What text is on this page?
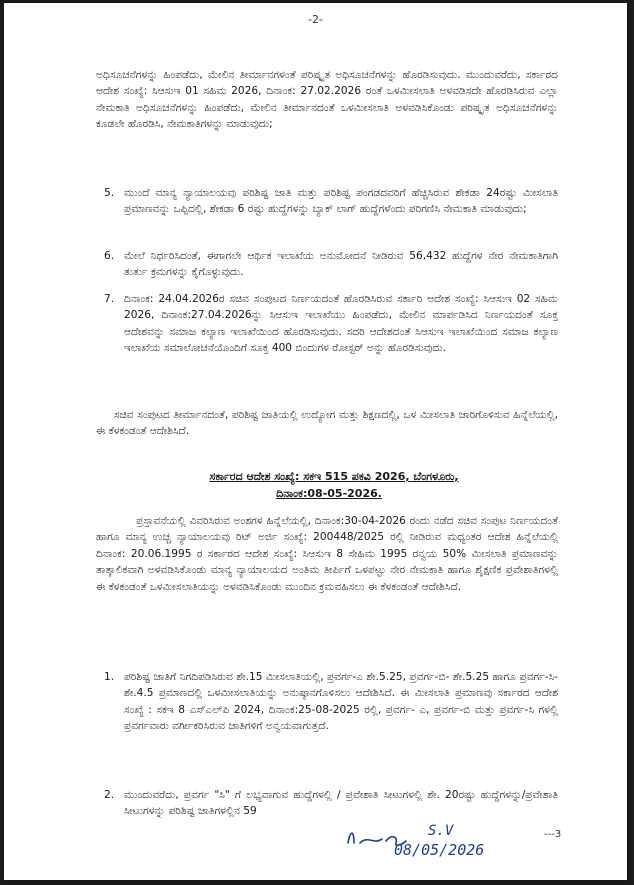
-2-
ಅಧಿಸೂಚನೆಗಳನ್ನು ಹಿಂಪಡೆದು, ಮೇಲಿನ ತೀರ್ಮಾನಗಳಂತೆ ಪರಿಷ್ಕೃತ ಅಧಿಸೂಚನೆಗಳನ್ನು ಹೊರಡಿಸುವುದು. ಮುಂದುವರೆದು, ಸರ್ಕಾರದ ಆದೇಶ ಸಂಖ್ಯೆ: ಸಿಆಸುಇ 01 ಸಹಿಮ 2026, ದಿನಾಂಕ: 27.02.2026 ರಂತೆ ಒಳಮೀಸಲಾತಿ ಅಳವಡಿಸದೇ ಹೊರಡಿಸಿರುವ ಎಲ್ಲಾ ನೇಮಕಾತಿ ಅಧಿಸೂಚನೆಗಳನ್ನು ಹಿಂಪಡೆದು, ಮೇಲಿನ ತೀರ್ಮಾನದಂತೆ ಒಳಮೀಸಲಾತಿ ಅಳವಡಿಸಿಕೊಂಡು ಪರಿಷ್ಕೃತ ಅಧಿಸೂಚನೆಗಳನ್ನು ಕೂಡಲೇ ಹೊರಡಿಸಿ, ನೇಮಕಾತಿಗಳನ್ನು ಮಾಡುವುದು;
5. ಮುಂದೆ ಮಾನ್ಯ ನ್ಯಾಯಾಲಯವು ಪರಿಶಿಷ್ಟ ಜಾತಿ ಮತ್ತು ಪರಿಶಿಷ್ಟ ಪಂಗಡದವರಿಗೆ ಹೆಚ್ಚಿಸಿರುವ ಶೇಕಡಾ 24ರಷ್ಟು ಮೀಸಲಾತಿ ಪ್ರಮಾಣವನ್ನು ಒಪ್ಪಿದಲ್ಲಿ, ಶೇಕಡಾ 6 ರಷ್ಟು ಹುದ್ದೆಗಳನ್ನು ಬ್ಯಾಕ್ ಲಾಗ್ ಹುದ್ದೆಗಳೆಂದು ಪರಿಗಣಿಸಿ ನೇಮಕಾತಿ ಮಾಡುವುದು;
6. ಮೇಲೆ ನಿರ್ಧರಿಸಿದಂತೆ, ಈಗಾಗಲೇ ಆರ್ಥಿಕ ಇಲಾಖೆಯ ಅನುಮೋದನೆ ನೀಡಿರುವ 56,432 ಹುದ್ದೆಗಳ ನೇರ ನೇಮಕಾತಿಗಾಗಿ ತುರ್ತು ಕ್ರಮಗಳನ್ನು ಕೈಗೊಳ್ಳುವುದು.
7. ದಿನಾಂಕ: 24.04.2026ರ ಸಚಿವ ಸಂಪುಟದ ನಿರ್ಣಯದಂತೆ ಹೊರಡಿಸಿರುವ ಸರ್ಕಾರಿ ಆದೇಶ ಸಂಖ್ಯೆ: ಸಿಆಸುಇ 02 ಸಹಿಮ 2026, ದಿನಾಂಕ:27.04.2026ನ್ನು ಸಿಆಸುಇ ಇಲಾಖೆಯು ಹಿಂಪಡೆದು, ಮೇಲಿನ ಮಾರ್ಪಡಿಸಿದ ನಿರ್ಣಯದಂತೆ ಸೂಕ್ತ ಆದೇಶವನ್ನು ಸಮಾಜ ಕಲ್ಯಾಣ ಇಲಾಖೆಯಿಂದ ಹೊರಡಿಸುವುದು. ಸದರಿ ಆದೇಶದಂತೆ ಸಿಆಸುಇ ಇಲಾಖೆಯಿಂದ ಸಮಾಜ ಕಲ್ಯಾಣ ಇಲಾಖೆಯ ಸಮಾಲೋಚನೆಯೊಂದಿಗೆ ಸೂಕ್ತ 400 ಬಿಂದುಗಳ ರೋಸ್ಟರ್ ಅನ್ನು ಹೊರಡಿಸುವುದು.
ಸಚಿವ ಸಂಪುಟದ ತೀರ್ಮಾನದಂತೆ, ಪರಿಶಿಷ್ಟ ಜಾತಿಯಲ್ಲಿ ಉದ್ಯೋಗ ಮತ್ತು ಶಿಕ್ಷಣದಲ್ಲಿ, ಒಳ ಮೀಸಲಾತಿ ಜಾರಿಗೊಳಿಸುವ ಹಿನ್ನೆಲೆಯಲ್ಲಿ, ಈ ಕೆಳಕಂಡಂತೆ ಆದೇಶಿಸಿದೆ.
ಸರ್ಕಾರದ ಆದೇಶ ಸಂಖ್ಯೆ: ಸಕಇ 515 ಪಕವಿ 2026, ಬೆಂಗಳೂರು,
ದಿನಾಂಕ:08-05-2026.
ಪ್ರಸ್ತಾವನೆಯಲ್ಲಿ ವಿವರಿಸಿರುವ ಅಂಶಗಳ ಹಿನ್ನೆಲೆಯಲ್ಲಿ, ದಿನಾಂಕ:30-04-2026 ರಂದು ನಡೆದ ಸಚಿವ ಸಂಪುಟ ನಿರ್ಣಯದಂತೆ ಹಾಗೂ ಮಾನ್ಯ ಉಚ್ಚ ನ್ಯಾಯಾಲಯವು ರಿಟ್ ಅರ್ಜಿ ಸಂಖ್ಯೆ: 200448/2025 ರಲ್ಲಿ ನೀಡಿರುವ ಮಧ್ಯಂತರ ಆದೇಶ ಹಿನ್ನೆಲೆಯಲ್ಲಿ ದಿನಾಂಕ: 20.06.1995 ರ ಸರ್ಕಾರದ ಆದೇಶ ಸಂಖ್ಯೆ: ಸಿಆಸುಇ 8 ಸೇಹಿಮ 1995 ರನ್ವಯ 50% ಮೀಸಲಾತಿ ಪ್ರಮಾಣವನ್ನು ತಾತ್ಕಾಲಿಕವಾಗಿ ಅಳವಡಿಸಿಕೊಂಡು ಮಾನ್ಯ ನ್ಯಾಯಾಲಯದ ಅಂತಿಮ ತೀರ್ಪಿಗೆ ಒಳಪಟ್ಟು ನೇರ ನೇಮಕಾತಿ ಹಾಗೂ ಶೈಕ್ಷಣಿಕ ಪ್ರವೇಶಾತಿಗಳಲ್ಲಿ ಈ ಕೆಳಕಂಡಂತೆ ಒಳಮೀಸಲಾತಿಯನ್ನು ಅಳವಡಿಸಿಕೊಂಡು ಮುಂದಿನ ಕ್ರಮವಹಿಸಲು ಈ ಕೆಳಕಂಡಂತೆ ಆದೇಶಿಸಿದೆ.
1. ಪರಿಶಿಷ್ಟ ಜಾತಿಗೆ ನಿಗದಿಪಡಿಸಿರುವ ಶೇ.15 ಮೀಸಲಾತಿಯಲ್ಲಿ, ಪ್ರವರ್ಗ-ಎ ಶೇ.5.25, ಪ್ರವರ್ಗ-ಬಿ- ಶೇ.5.25 ಹಾಗೂ ಪ್ರವರ್ಗ-ಸಿ- ಶೇ.4.5 ಪ್ರಮಾಣದಲ್ಲಿ ಒಳಮೀಸಲಾತಿಯನ್ನು ಅನುಷ್ಠಾನಗೊಳಿಸಲು ಆದೇಶಿಸಿದೆ. ಈ ಮೀಸಲಾತಿ ಪ್ರಮಾಣವು ಸರ್ಕಾರದ ಆದೇಶ ಸಂಖ್ಯೆ : ಸಕಇ 8 ಎಸ್‌ಎಲ್‌ಪಿ 2024, ದಿನಾಂಕ:25-08-2025 ರಲ್ಲಿ, ಪ್ರವರ್ಗ- ಎ, ಪ್ರವರ್ಗ-ಬಿ ಮತ್ತು ಪ್ರವರ್ಗ-ಸಿ ಗಳಲ್ಲಿ ಪ್ರವರ್ಗವಾರು ವರ್ಗೀಕರಿಸಿರುವ ಜಾತಿಗಳಿಗೆ ಅನ್ವಯವಾಗುತ್ತದೆ.
2. ಮುಂದುವರೆದು, ಪ್ರವರ್ಗ "ಸಿ" ಗೆ ಲಭ್ಯವಾಗುವ ಹುದ್ದೆಗಳಲ್ಲಿ / ಪ್ರವೇಶಾತಿ ಸೀಟುಗಳಲ್ಲಿ ಶೇ. 20ರಷ್ಟು ಹುದ್ದೆಗಳನ್ನು/ಪ್ರವೇಶಾತಿ ಸೀಟುಗಳನ್ನು ಪರಿಶಿಷ್ಟ ಜಾತಿಗಳಲ್ಲಿನ 59
S.V
08/05/2026
---3
